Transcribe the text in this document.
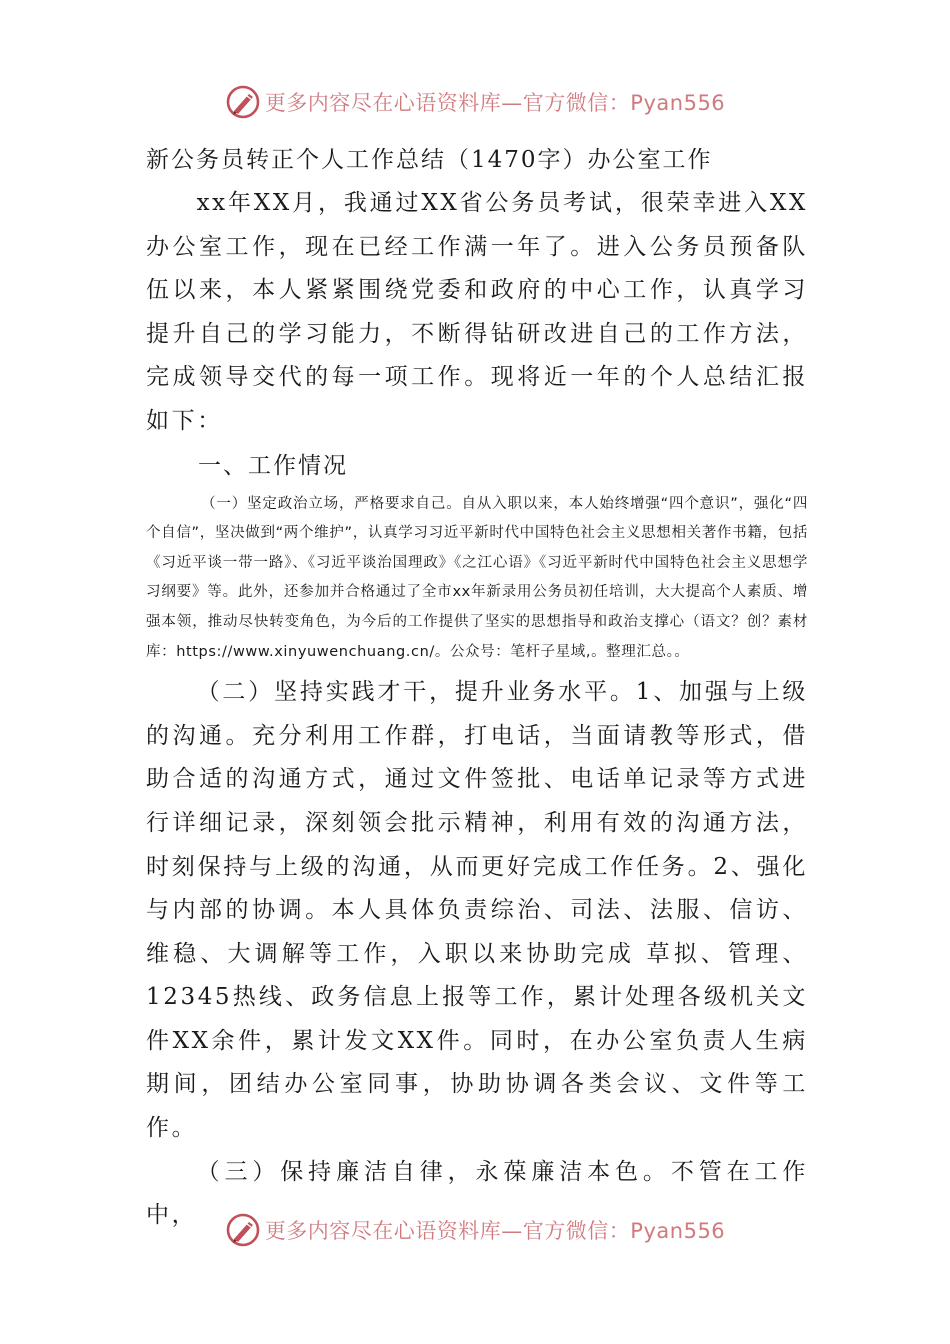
更多内容尽在心语资料库—官方微信：Pyan556

新公务员转正个人工作总结（1470字）办公室工作

xx年XX月，我通过XX省公务员考试，很荣幸进入XX办公室工作，现在已经工作满一年了。进入公务员预备队伍以来，本人紧紧围绕党委和政府的中心工作，认真学习提升自己的学习能力，不断得钻研改进自己的工作方法，完成领导交代的每一项工作。现将近一年的个人总结汇报如下：

一、工作情况

（一）坚定政治立场，严格要求自己。自从入职以来，本人始终增强“四个意识”，强化“四个自信”，坚决做到“两个维护”，认真学习习近平新时代中国特色社会主义思想相关著作书籍，包括《习近平谈一带一路》、《习近平谈治国理政》《之江心语》《习近平新时代中国特色社会主义思想学习纲要》等。此外，还参加并合格通过了全市xx年新录用公务员初任培训，大大提高个人素质、增强本领，推动尽快转变角色，为今后的工作提供了坚实的思想指导和政治支撑心（语文？创？素材库：https://www.xinyuwenchuang.cn/。公众号：笔杆子星域,。整理汇总。。

（二）坚持实践才干，提升业务水平。1、加强与上级的沟通。充分利用工作群，打电话，当面请教等形式，借助合适的沟通方式，通过文件签批、电话单记录等方式进行详细记录，深刻领会批示精神，利用有效的沟通方法，时刻保持与上级的沟通，从而更好完成工作任务。2、强化与内部的协调。本人具体负责综治、司法、法服、信访、维稳、大调解等工作，入职以来协助完成 草拟、管理、12345热线、政务信息上报等工作，累计处理各级机关文件XX余件，累计发文XX件。同时，在办公室负责人生病期间，团结办公室同事，协助协调各类会议、文件等工作。

（三）保持廉洁自律，永葆廉洁本色。不管在工作中，

更多内容尽在心语资料库—官方微信：Pyan556
